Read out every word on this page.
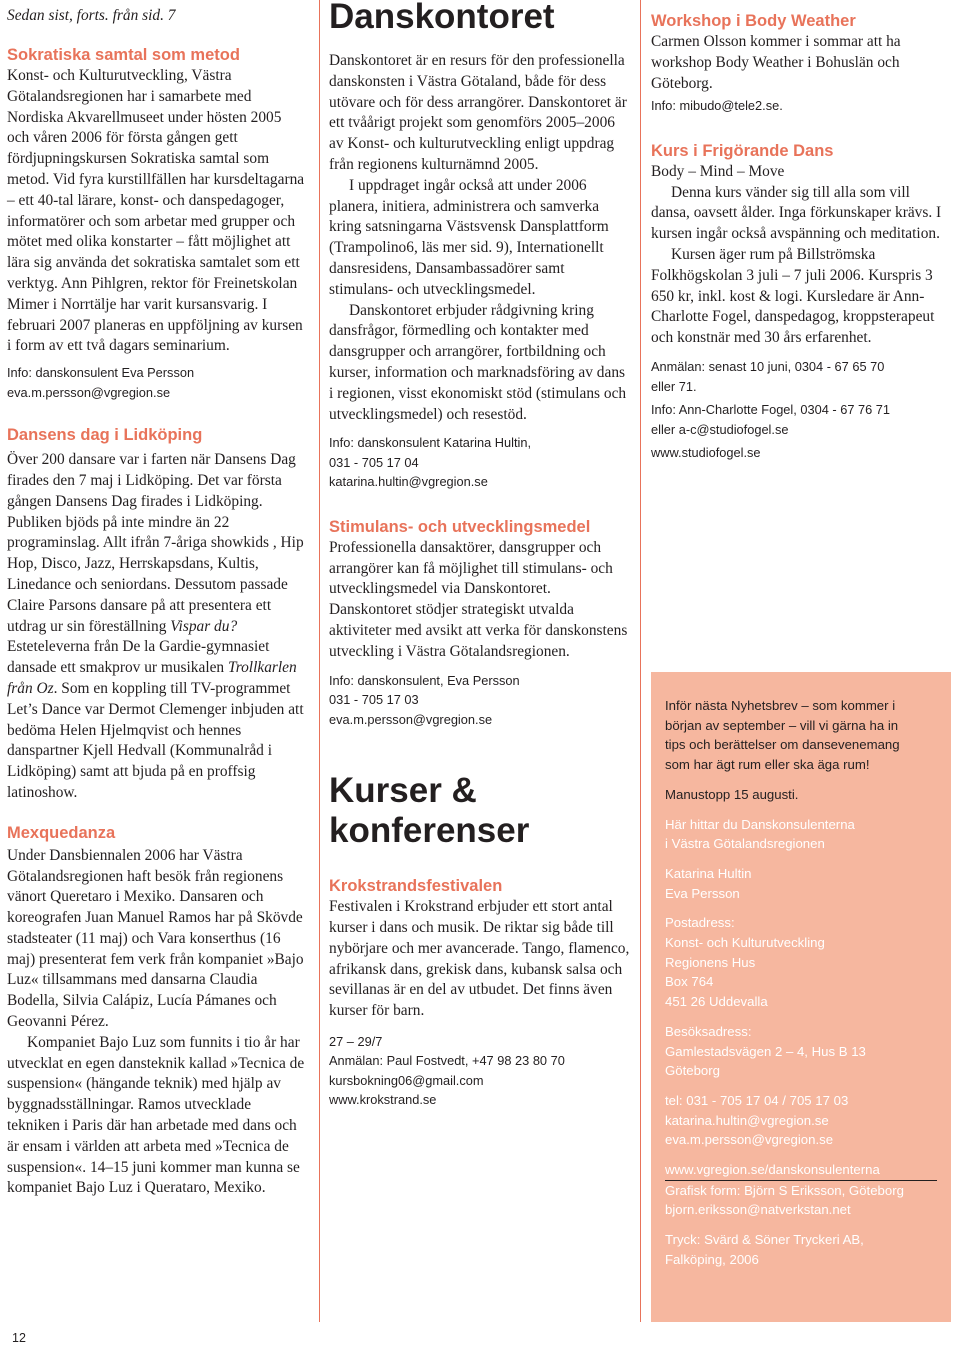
Sedan sist, forts. från sid. 7
Sokratiska samtal som metod

Konst- och Kulturutveckling, Västra Götalandsregionen har i samarbete med Nordiska Akvarellmuseet under hösten 2005 och våren 2006 för första gången gett fördjupningskursen Sokratiska samtal som metod. Vid fyra kurstillfällen har kursdeltagarna – ett 40-tal lärare, konst- och danspedagoger, informatörer och som arbetar med grupper och mötet med olika konstarter – fått möjlighet att lära sig använda det sokratiska samtalet som ett verktyg. Ann Pihlgren, rektor för Freinetskolan Mimer i Norrtälje har varit kursansvarig. I februari 2007 planeras en uppföljning av kursen i form av ett två dagars seminarium.

Info: danskonsulent Eva Persson
eva.m.persson@vgregion.se
Dansens dag i Lidköping

Över 200 dansare var i farten när Dansens Dag firades den 7 maj i Lidköping. Det var första gången Dansens Dag firades i Lidköping. Publiken bjöds på inte mindre än 22 programinslag. Allt ifrån 7-åriga showkids , Hip Hop, Disco, Jazz, Herrskapsdans, Kultis, Linedance och seniordans. Dessutom passade Claire Parsons dansare på att presentera ett utdrag ur sin föreställning Vispar du? Esteteleverna från De la Gardie-gymnasiet dansade ett smakprov ur musikalen Trollkarlen från Oz. Som en koppling till TV-programmet Let’s Dance var Dermot Clemenger inbjuden att bedöma Helen Hjelmqvist och hennes danspartner Kjell Hedvall (Kommunalråd i Lidköping) samt att bjuda på en proffsig latinoshow.

Mexquedanza

Under Dansbiennalen 2006 har Västra Götalandsregionen haft besök från regionens vänort Queretaro i Mexiko. Dansaren och koreografen Juan Manuel Ramos har på Skövde stadsteater (11 maj) och Vara konserthus (16 maj) presenterat fem verk från kompaniet »Bajo Luz« tillsammans med dansarna Claudia Bodella, Silvia Calápiz, Lucía Pámanes och Geovanni Pérez.

Kompaniet Bajo Luz som funnits i tio år har utvecklat en egen dansteknik kallad »Tecnica de suspension« (hängande teknik) med hjälp av byggnadsställningar. Ramos utvecklade tekniken i Paris där han arbetade med dans och är ensam i världen att arbeta med »Tecnica de suspension«. 14–15 juni kommer man kunna se kompaniet Bajo Luz i Querataro, Mexiko.

12
Danskontoret

Danskontoret är en resurs för den professionella danskonsten i Västra Götaland, både för dess utövare och för dess arrangörer. Danskontoret är ett tvåårigt projekt som genomförs 2005–2006 av Konst- och kulturutveckling enligt uppdrag från regionens kulturnämnd 2005.

I uppdraget ingår också att under 2006 planera, initiera, administrera och samverka kring satsningarna Västsvensk Dansplattform (Trampolino6, läs mer sid. 9), Internationellt dansresidens, Dansambassadörer samt stimulans- och utvecklingsmedel.

Danskontoret erbjuder rådgivning kring dansfrågor, förmedling och kontakter med dansgrupper och arrangörer, fortbildning och kurser, information och marknadsföring av dans i regionen, visst ekonomiskt stöd (stimulans och utvecklingsmedel) och resestöd.

Info: danskonsulent Katarina Hultin,
031 - 705 17 04
katarina.hultin@vgregion.se
Stimulans- och utvecklingsmedel

Professionella dansaktörer, dansgrupper och arrangörer kan få möjlighet till stimulans- och utvecklingsmedel via Danskontoret. Danskontoret stödjer strategiskt utvalda aktiviteter med avsikt att verka för danskonstens utveckling i Västra Götalandsregionen.

Info: danskonsulent, Eva Persson
031 - 705 17 03
eva.m.persson@vgregion.se
Kurser &
konferenser
Krokstrandsfestivalen

Festivalen i Krokstrand erbjuder ett stort antal kurser i dans och musik. De riktar sig både till nybörjare och mer avancerade. Tango, flamenco, afrikansk dans, grekisk dans, kubansk salsa och sevillanas är en del av utbudet. Det finns även kurser för barn.

27 – 29/7
Anmälan: Paul Fostvedt, +47 98 23 80 70
kursbokning06@gmail.com
www.krokstrand.se
Workshop i Body Weather

Carmen Olsson kommer i sommar att ha workshop Body Weather i Bohuslän och Göteborg.

Info: mibudo@tele2.se.
Kurs i Frigörande Dans

Body – Mind – Move

Denna kurs vänder sig till alla som vill dansa, oavsett ålder. Inga förkunskaper krävs. I kursen ingår också avspänning och meditation.

Kursen äger rum på Billströmska Folkhögskolan 3 juli – 7 juli 2006. Kurspris 3 650 kr, inkl. kost & logi. Kursledare är Ann-Charlotte Fogel, danspedagog, kroppsterapeut och konstnär med 30 års erfarenhet.

Anmälan: senast 10 juni, 0304 - 67 65 70
eller 71.
Info: Ann-Charlotte Fogel, 0304 - 67 76 71
eller a-c@studiofogel.se
www.studiofogel.se
Inför nästa Nyhetsbrev – som kommer i
början av september – vill vi gärna ha in
tips och berättelser om dansevenemang
som har ägt rum eller ska äga rum!
Manustopp 15 augusti.
Här hittar du Danskonsulenterna
i Västra Götalandsregionen
Katarina Hultin
Eva Persson
Postadress:
Konst- och Kulturutveckling
Regionens Hus
Box 764
451 26 Uddevalla
Besöksadress:
Gamlestadsvägen 2 – 4, Hus B 13
Göteborg
tel: 031 - 705 17 04 / 705 17 03
katarina.hultin@vgregion.se
eva.m.persson@vgregion.se
www.vgregion.se/danskonsulenterna
Grafisk form: Björn S Eriksson, Göteborg
bjorn.eriksson@natverkstan.net
Tryck: Svärd & Söner Tryckeri AB,
Falköping, 2006
